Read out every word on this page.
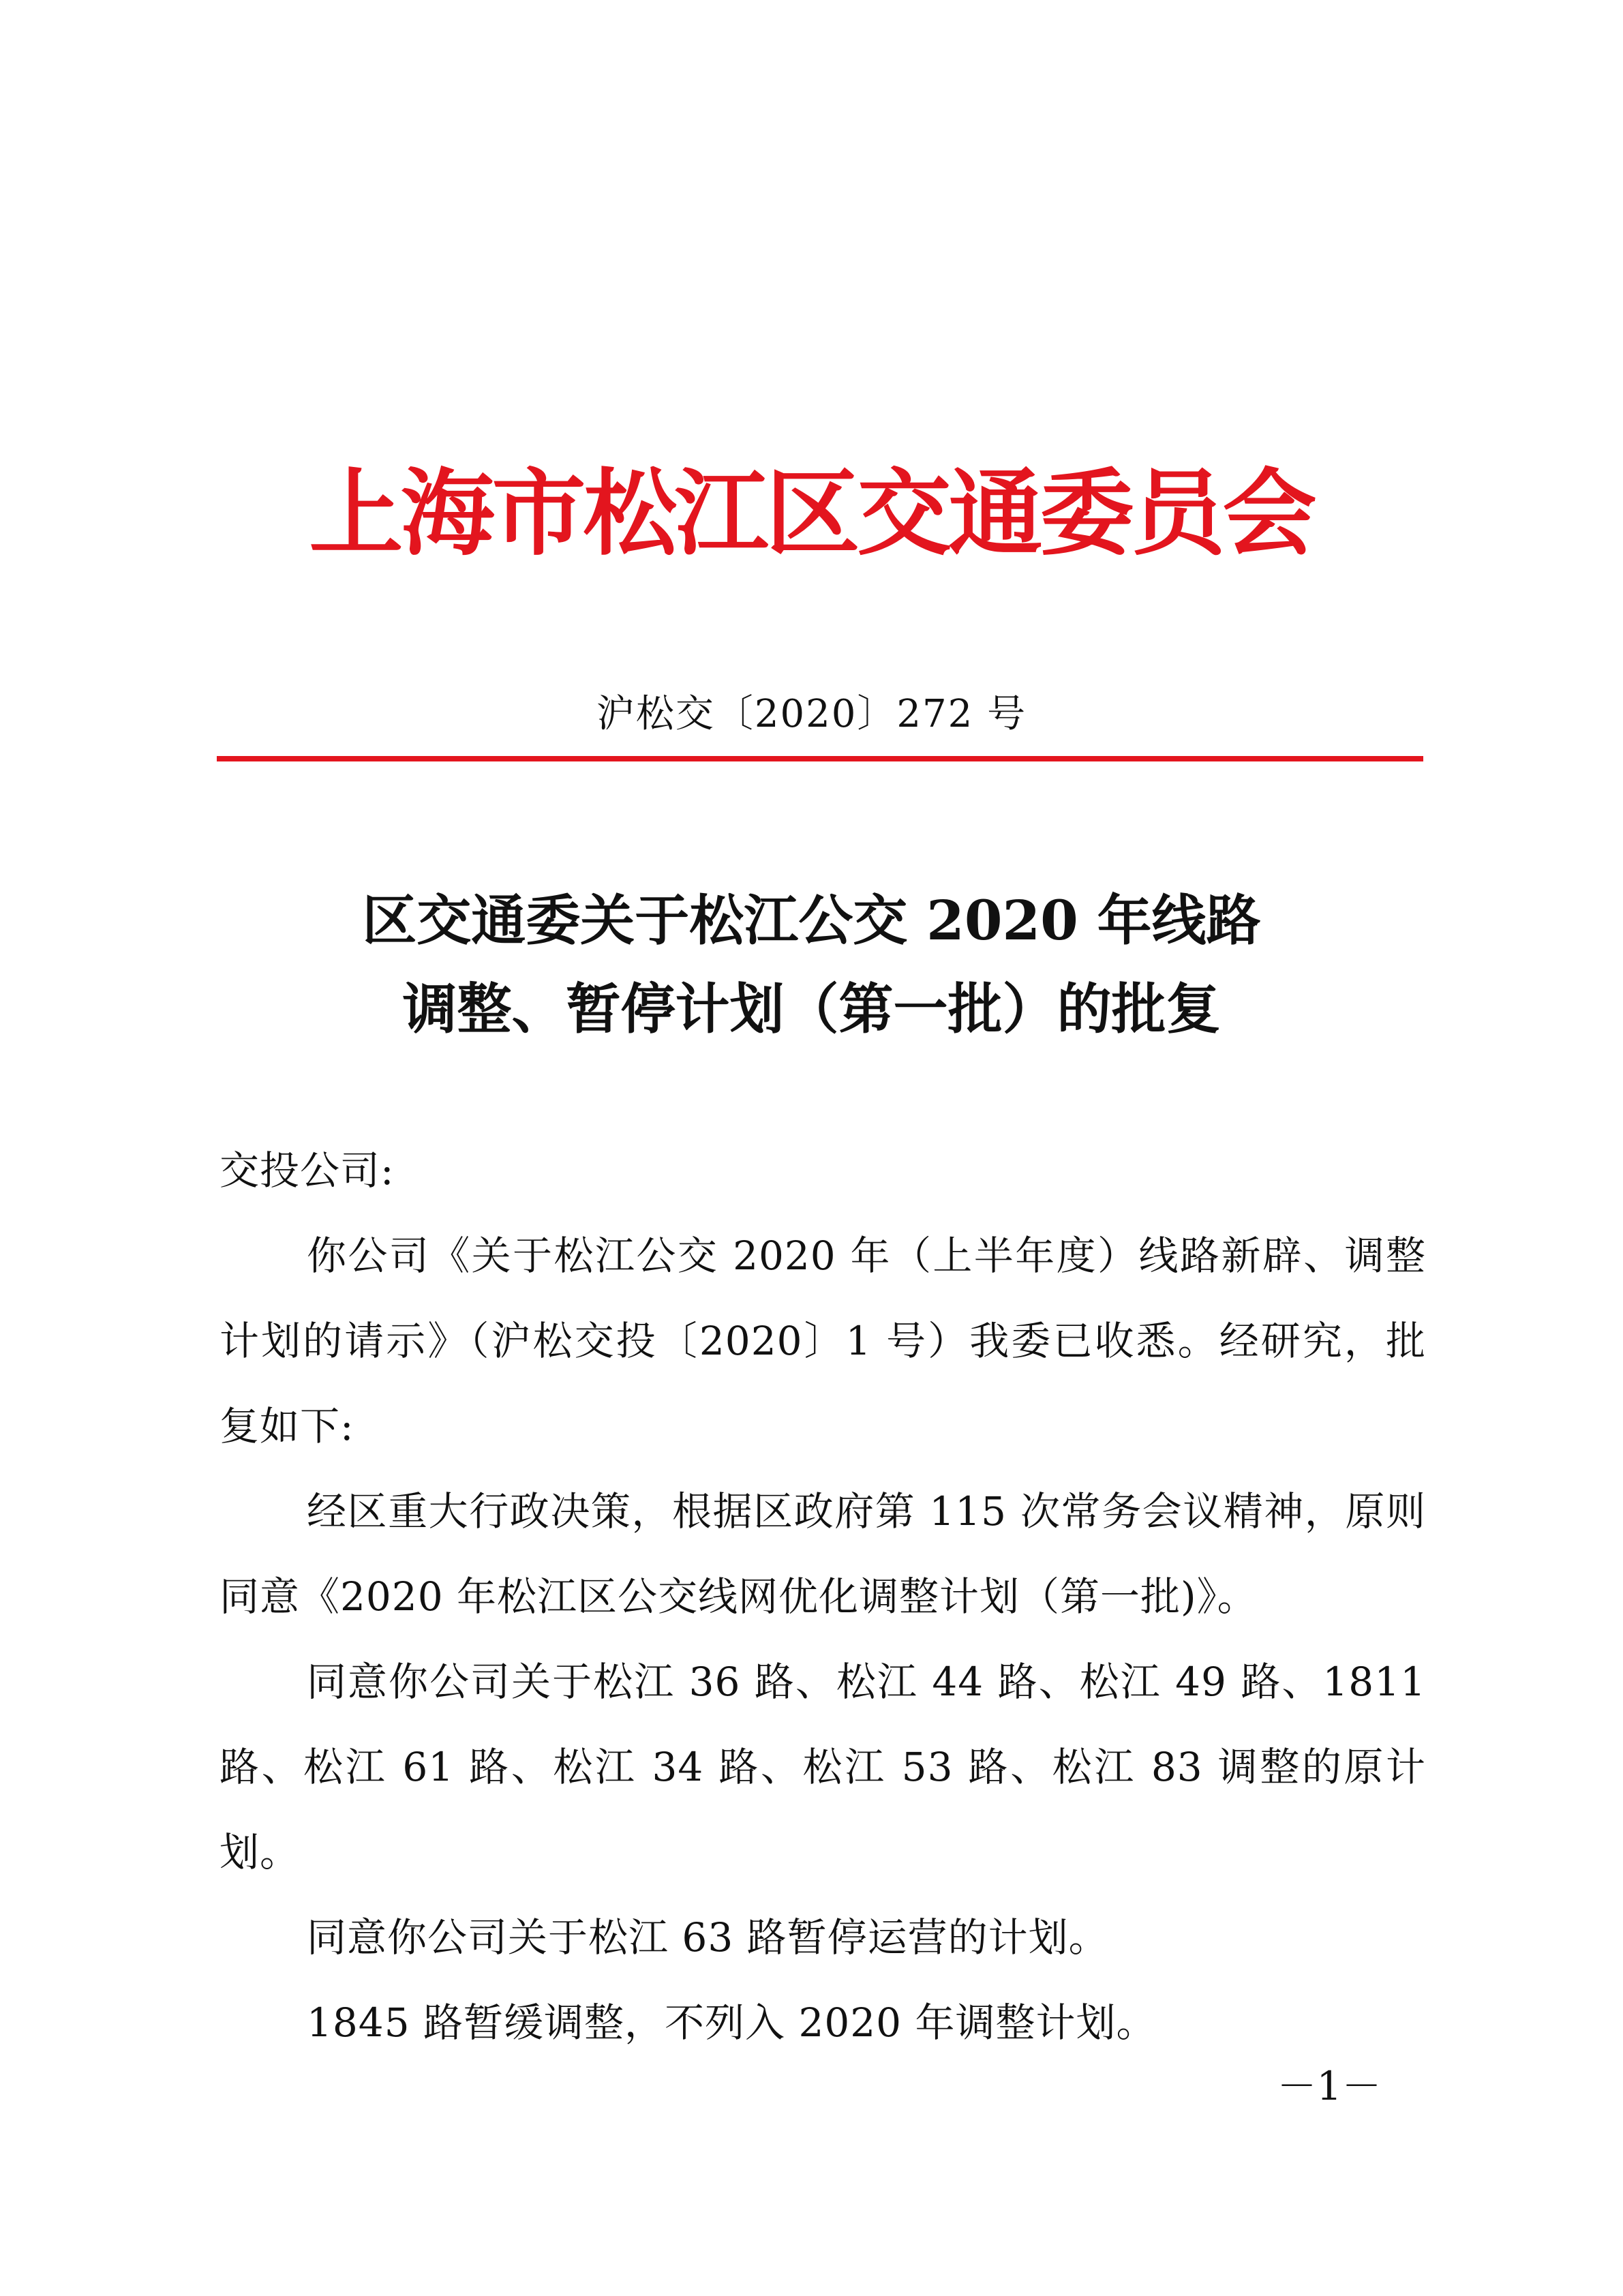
上海市松江区交通委员会
沪松交〔2020〕272 号
区交通委关于松江公交 2020 年线路
调整、暂停计划（第一批）的批复

交投公司:

你公司《关于松江公交 2020 年（上半年度）线路新辟、调整计划的请示》（沪松交投〔2020〕1 号）我委已收悉。经研究，批复如下:

经区重大行政决策，根据区政府第 115 次常务会议精神，原则同意《2020 年松江区公交线网优化调整计划（第一批)》。

同意你公司关于松江 36 路、松江 44 路、松江 49 路、1811 路、松江 61 路、松江 34 路、松江 53 路、松江 83 调整的原计划。

同意你公司关于松江 63 路暂停运营的计划。

1845 路暂缓调整，不列入 2020 年调整计划。

－1－
